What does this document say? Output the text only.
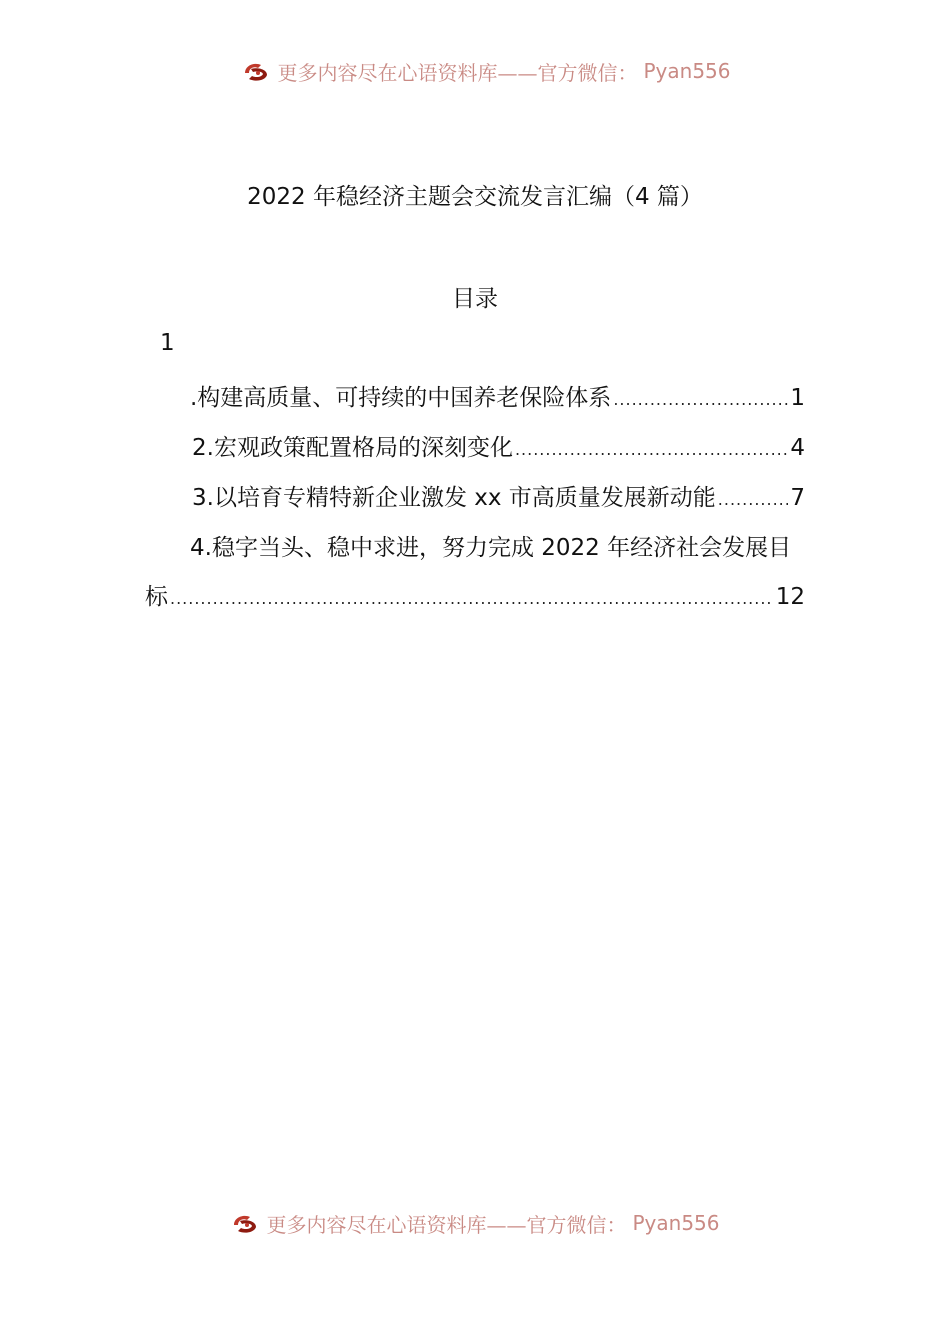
更多内容尽在心语资料库——官方微信： Pyan556
2022 年稳经济主题会交流发言汇编（4 篇）
目录
1
.构建高质量、可持续的中国养老保险体系 .....	1
2.宏观政策配置格局的深刻变化 .....	4
3.以培育专精特新企业激发 xx 市高质量发展新动能 .....	7
4.稳字当头、稳中求进，努力完成 2022 年经济社会发展目
标 .....	12
更多内容尽在心语资料库——官方微信： Pyan556
